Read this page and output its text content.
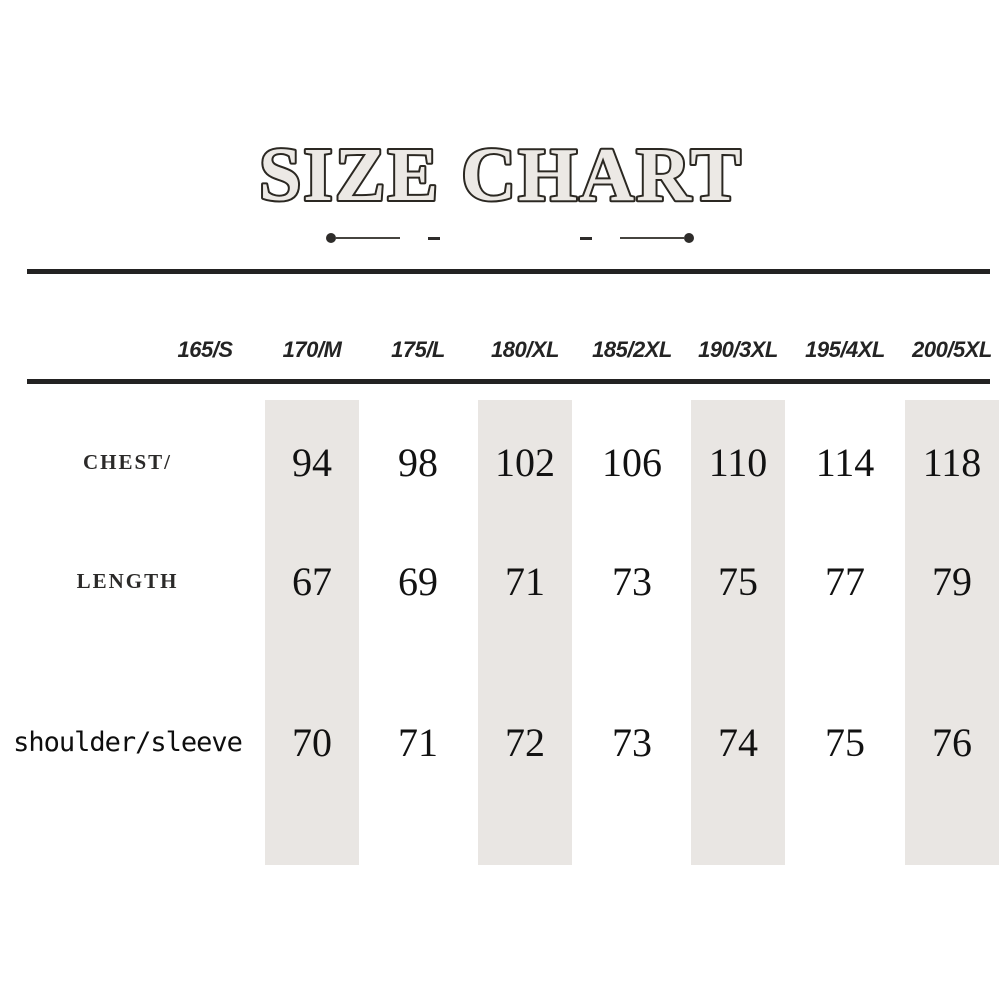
SIZE CHART
165/S	170/M	175/L	180/XL	185/2XL	190/3XL	195/4XL	200/5XL
CHEST/	94	98	102	106	110	114	118
LENGTH	67	69	71	73	75	77	79
shoulder/sleeve	70	71	72	73	74	75	76
